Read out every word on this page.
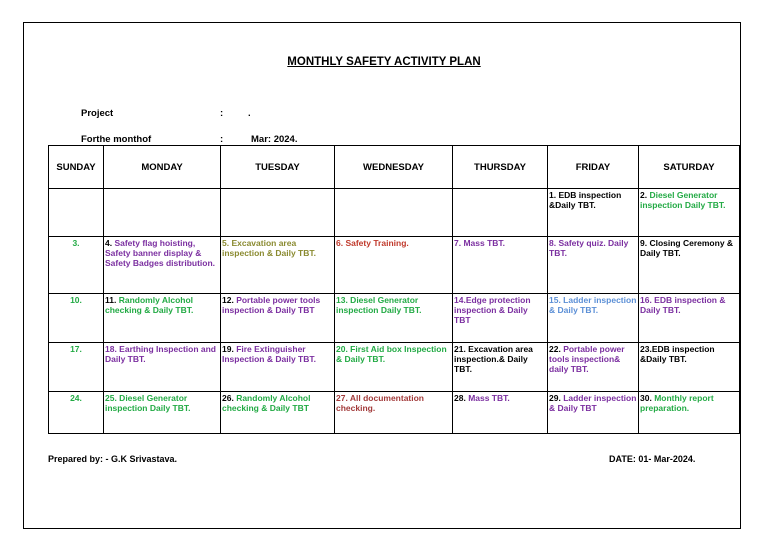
MONTHLY SAFETY ACTIVITY PLAN
Project	:	.
Forthe monthof	:	Mar: 2024.
SUNDAY	MONDAY	TUESDAY	WEDNESDAY	THURSDAY	FRIDAY	SATURDAY
					1. EDB inspection &Daily TBT.	2. Diesel Generator inspection Daily TBT.
3.	4. Safety flag hoisting, Safety banner display & Safety Badges distribution.	5. Excavation area inspection & Daily TBT.	6. Safety Training.	7. Mass TBT.	8. Safety quiz. Daily TBT.	9. Closing Ceremony & Daily TBT.
10.	11. Randomly Alcohol checking & Daily TBT.	12. Portable power tools inspection & Daily TBT	13. Diesel Generator inspection Daily TBT.	14.Edge protection inspection & Daily TBT	15. Ladder inspection & Daily TBT.	16. EDB inspection & Daily TBT.
17.	18. Earthing Inspection and Daily TBT.	19. Fire Extinguisher Inspection & Daily TBT.	20. First Aid box Inspection & Daily TBT.	21. Excavation area inspection.& Daily TBT.	22. Portable power tools inspection& daily TBT.	23.EDB inspection &Daily TBT.
24.	25. Diesel Generator inspection Daily TBT.	26. Randomly Alcohol checking & Daily TBT	27. All documentation checking.	28. Mass TBT.	29. Ladder inspection & Daily TBT	30. Monthly report preparation.
Prepared by: - G.K Srivastava.	DATE: 01- Mar-2024.
